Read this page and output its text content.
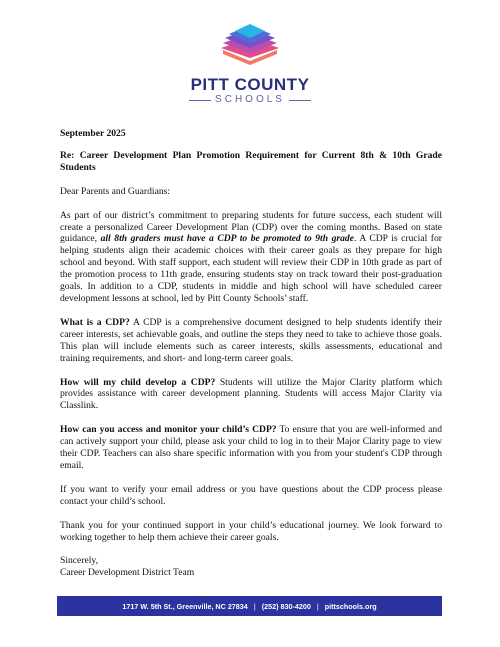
PITT COUNTY
SCHOOLS

September 2025

Re: Career Development Plan Promotion Requirement for Current 8th & 10th Grade Students

Dear Parents and Guardians:

As part of our district’s commitment to preparing students for future success, each student will create a personalized Career Development Plan (CDP) over the coming months. Based on state guidance, all 8th graders must have a CDP to be promoted to 9th grade. A CDP is crucial for helping students align their academic choices with their career goals as they prepare for high school and beyond. With staff support, each student will review their CDP in 10th grade as part of the promotion process to 11th grade, ensuring students stay on track toward their post-graduation goals. In addition to a CDP, students in middle and high school will have scheduled career development lessons at school, led by Pitt County Schools’ staff.

What is a CDP? A CDP is a comprehensive document designed to help students identify their career interests, set achievable goals, and outline the steps they need to take to achieve those goals. This plan will include elements such as career interests, skills assessments, educational and training requirements, and short- and long-term career goals.

How will my child develop a CDP? Students will utilize the Major Clarity platform which provides assistance with career development planning. Students will access Major Clarity via Classlink.

How can you access and monitor your child’s CDP? To ensure that you are well-informed and can actively support your child, please ask your child to log in to their Major Clarity page to view their CDP. Teachers can also share specific information with you from your student's CDP through email.

If you want to verify your email address or you have questions about the CDP process please contact your child’s school.

Thank you for your continued support in your child’s educational journey. We look forward to working together to help them achieve their career goals.

Sincerely,

Career Development District Team

1717 W. 5th St., Greenville, NC 27834 | (252) 830-4200 | pittschools.org
